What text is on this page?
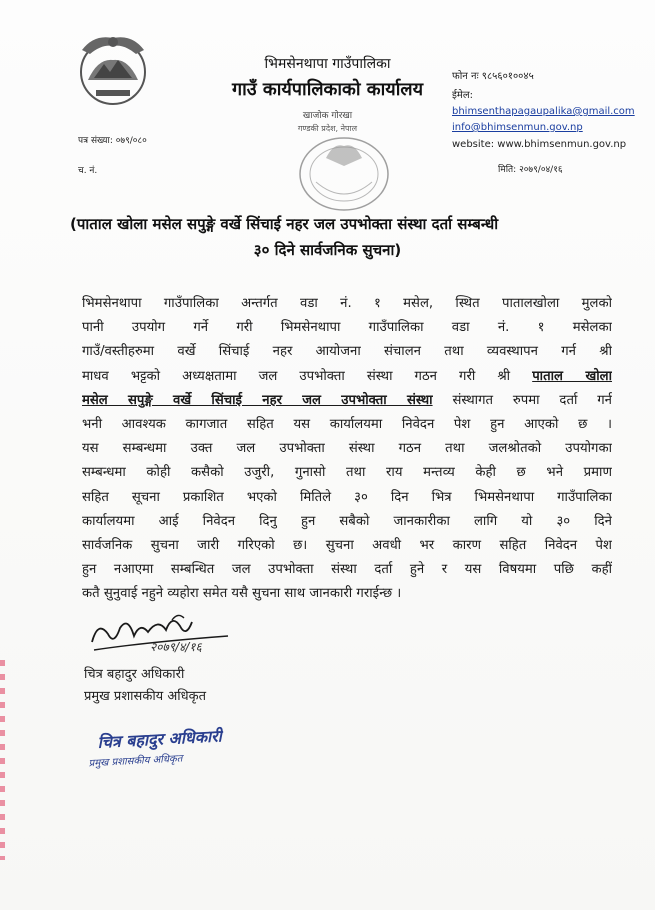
भिमसेनथापा गाउँपालिका
गाउँ कार्यपालिकाको कार्यालय
खाजोक गोरखा
गण्डकी प्रदेश, नेपाल
फोन नः ९८५६०१००४५
ईमेल:
bhimsenthapagaupalika@gmail.com
info@bhimsenmun.gov.np
website: www.bhimsenmun.gov.np
पत्र संख्या: ०७९/०८०
च. नं.	मिति: २०७९/०४/१६
(पाताल खोला मसेल सपुङ्गे वर्खे सिंचाई नहर जल उपभोक्ता संस्था दर्ता सम्बन्धी
३० दिने सार्वजनिक सुचना)
भिमसेनथापा गाउँपालिका अन्तर्गत वडा नं. १ मसेल, स्थित पातालखोला मुलको
पानी उपयोग गर्ने गरी भिमसेनथापा गाउँपालिका वडा नं. १ मसेलका
गाउँ/वस्तीहरुमा वर्खे सिंचाई नहर आयोजना संचालन तथा व्यवस्थापन गर्न श्री
माधव भट्टको अध्यक्षतामा जल उपभोक्ता संस्था गठन गरी श्री पाताल खोला
मसेल सपुङ्गे वर्खे सिंचाई नहर जल उपभोक्ता संस्था संस्थागत रुपमा दर्ता गर्न
भनी आवश्यक कागजात सहित यस कार्यालयमा निवेदन पेश हुन आएको छ ।
यस सम्बन्धमा उक्त जल उपभोक्ता संस्था गठन तथा जलश्रोतको उपयोगका
सम्बन्धमा कोही कसैको उजुरी, गुनासो तथा राय मन्तव्य केही छ भने प्रमाण
सहित सूचना प्रकाशित भएको मितिले ३० दिन भित्र भिमसेनथापा गाउँपालिका
कार्यालयमा आई निवेदन दिनु हुन सबैको जानकारीका लागि यो ३० दिने
सार्वजनिक सुचना जारी गरिएको छ। सुचना अवधी भर कारण सहित निवेदन पेश
हुन नआएमा सम्बन्धित जल उपभोक्ता संस्था दर्ता हुने र यस विषयमा पछि कहीं
कतै सुनुवाई नहुने व्यहोरा समेत यसै सुचना साथ जानकारी गराईन्छ ।
२०७९/४/१६
चित्र बहादुर अधिकारी
प्रमुख प्रशासकीय अधिकृत
चित्र बहादुर अधिकारी
प्रमुख प्रशासकीय अधिकृत
